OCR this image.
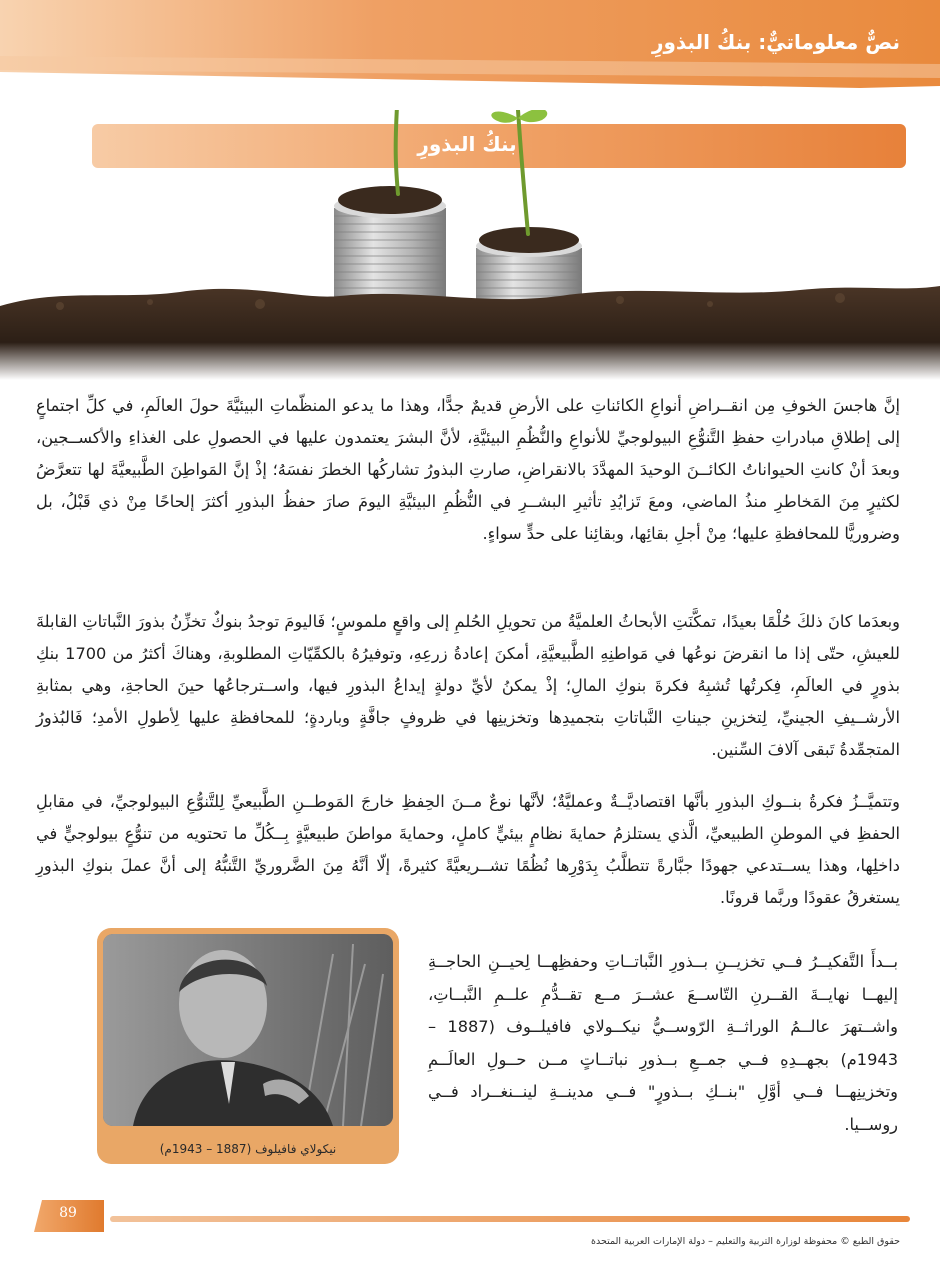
نصٌّ معلوماتيٌّ: بنكُ البذورِ
بنكُ البذورِ

إنَّ هاجسَ الخوفِ مِن انقــراضِ أنواعِ الكائناتِ على الأرضِ قديمٌ جدًّا، وهذا ما يدعو المنظّماتِ البيئيَّةَ حولَ العالَمِ، في كلِّ اجتماعٍ إلى إطلاقِ مبادراتِ حفظِ التَّنوُّعِ البيولوجيِّ للأنواعِ والنُّظُمِ البيئيَّةِ، لأنَّ البشرَ يعتمدون عليها في الحصولِ على الغذاءِ والأكســجين، وبعدَ أنْ كانتِ الحيواناتُ الكائــنَ الوحيدَ المهدَّدَ بالانقراضِ، صارتِ البذورُ تشاركُها الخطرَ نفسَهُ؛ إذْ إنَّ المَواطِنَ الطَّبيعيَّةَ لها تتعرَّضُ لكثيرٍ مِنَ المَخاطرِ منذُ الماضي، ومعَ تَزايُدِ تأثيرِ البشــرِ في النُّظُمِ البيئيَّةِ اليومَ صارَ حفظُ البذورِ أكثرَ إلحاحًا مِنْ ذي قَبْلُ، بل وضروريًّا للمحافظةِ عليها؛ مِنْ أجلِ بقائِها، وبقائِنا على حدٍّ سواءٍ.

وبعدَما كانَ ذلكَ حُلْمًا بعيدًا، تمكَّنَتِ الأبحاثُ العلميَّةُ من تحويلِ الحُلمِ إلى واقعٍ ملموسٍ؛ فَاليومَ توجدُ بنوكٌ تخزِّنُ بذورَ النَّباتاتِ القابلةَ للعيشِ، حتّى إذا ما انقرضَ نوعُها في مَواطنِهِ الطَّبيعيَّةِ، أمكنَ إعادةُ زرعِهِ، وتوفيرُهُ بالكمِّيّاتِ المطلوبةِ، وهناكَ أكثرُ من 1700 بنكِ بذورٍ في العالَمِ، فِكرتُها تُشبِهُ فكرةَ بنوكِ المالِ؛ إذْ يمكنُ لأيِّ دولةٍ إيداعُ البذورِ فيها، واســترجاعُها حينَ الحاجةِ، وهي بمثابةِ الأرشــيفِ الجينيِّ، لِتخزينِ جيناتِ النَّباتاتِ بتجميدِها وتخزينِها في ظروفٍ جافَّةٍ وباردةٍ؛ للمحافظةِ عليها لِأطولِ الأمدِ؛ فَالبُذورُ المتجمِّدةُ تَبقى آلافَ السِّنين.

وتتميَّــزُ فكرةُ بنــوكِ البذورِ بأنَّها اقتصاديَّــةٌ وعمليَّةٌ؛ لأنَّها نوعٌ مــنَ الحِفظِ خارجَ المَوطــنِ الطَّبيعيِّ لِلتَّنوُّعِ البيولوجيِّ، في مقابلِ الحفظِ في الموطنِ الطبيعيِّ، الَّذي يستلزمُ حمايةَ نظامٍ بيئيٍّ كاملٍ، وحمايةَ مواطنَ طبيعيَّةٍ بِــكُلِّ ما تحتويه من تنوُّعٍ بيولوجيٍّ في داخلِها، وهذا يســتدعي جهودًا جبَّارةً تتطلَّبُ بِدَوْرِها نُظُمًا تشــريعيَّةً كثيرةً، إلّا أنَّهُ مِنَ الضَّروريِّ التَّنبُّهُ إلى أنَّ عملَ بنوكِ البذورِ يستغرقُ عقودًا وربَّما قرونًا.

بــدأَ التَّفكيــرُ فــي تخزيــنِ بــذورِ النَّباتــاتِ وحفظِهــا لِحيــنِ الحاجــةِ إليهــا نهايــةَ القــرنِ التّاســعَ عشــرَ مــع تقــدُّمِ علــمِ النَّبــاتِ، واشــتهرَ عالــمُ الوراثــةِ الرّوســيُّ نيكــولاي فافيلــوف (1887 – 1943م) بجهــدِهِ فــي جمــعِ بــذورِ نباتــاتٍ مــن حــولِ العالَــمِ وتخزينِهــا فــي أوَّلِ "بنــكِ بــذورٍ" فــي مدينــةِ لينــنغــراد فــي روســيا.

نيكولاي فافيلوف (1887 – 1943م)
89
حقوق الطبع © محفوظة لوزارة التربية والتعليم – دولة الإمارات العربية المتحدة
